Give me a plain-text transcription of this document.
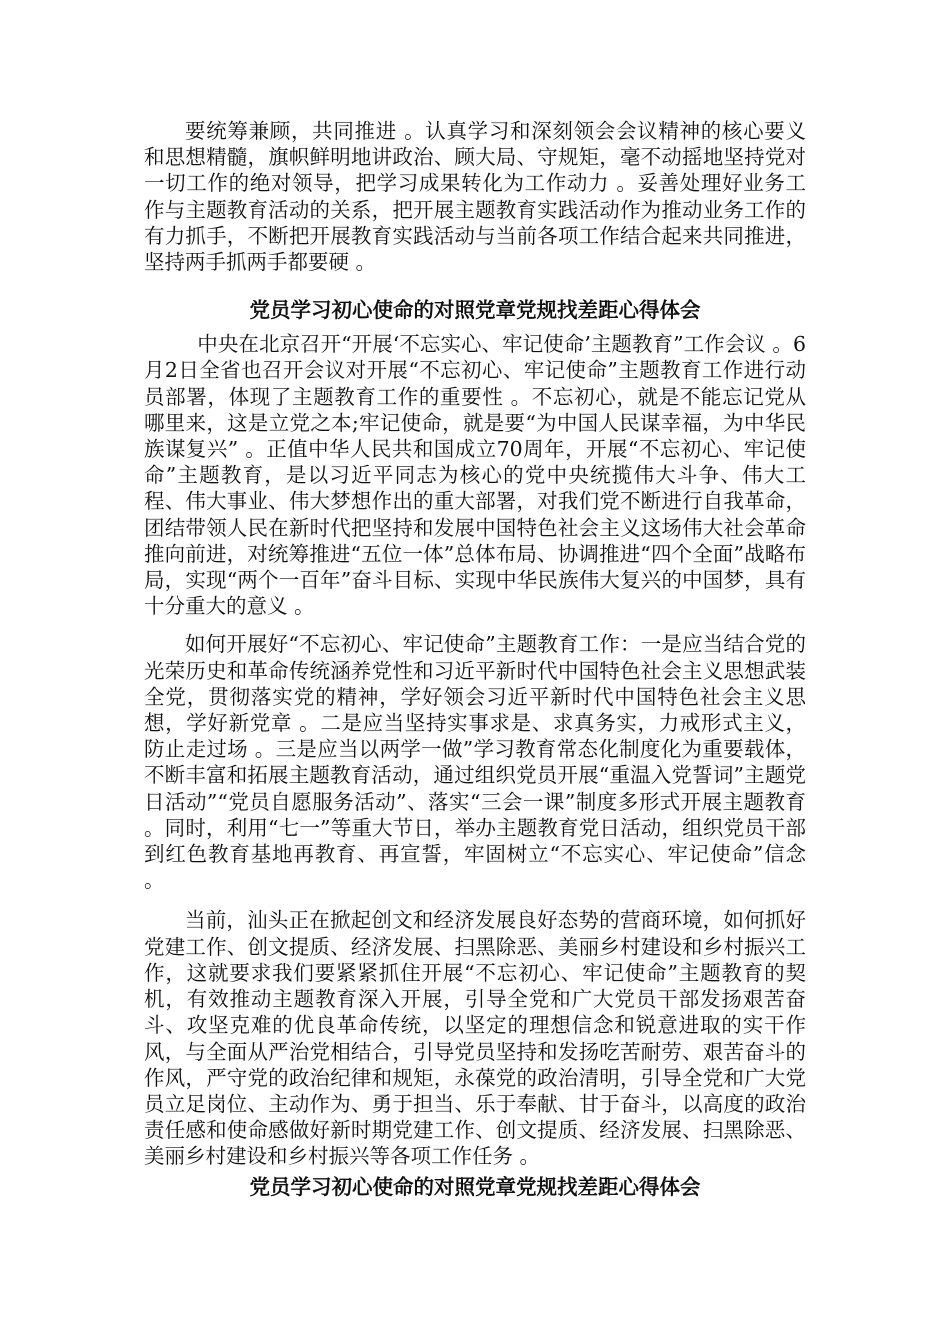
要统筹兼顾，共同推进 。认真学习和深刻领会会议精神的核心要义和思想精髓，旗帜鲜明地讲政治、顾大局、守规矩，毫不动摇地坚持党对一切工作的绝对领导，把学习成果转化为工作动力 。妥善处理好业务工作与主题教育活动的关系，把开展主题教育实践活动作为推动业务工作的有力抓手，不断把开展教育实践活动与当前各项工作结合起来共同推进，坚持两手抓两手都要硬 。

党员学习初心使命的对照党章党规找差距心得体会

中央在北京召开“开展‘不忘实心、牢记使命’主题教育”工作会议 。6月2日全省也召开会议对开展“不忘初心、牢记使命”主题教育工作进行动员部署，体现了主题教育工作的重要性 。不忘初心，就是不能忘记党从哪里来，这是立党之本;牢记使命，就是要“为中国人民谋幸福，为中华民族谋复兴” 。正值中华人民共和国成立70周年，开展“不忘初心、牢记使命”主题教育，是以习近平同志为核心的党中央统揽伟大斗争、伟大工程、伟大事业、伟大梦想作出的重大部署，对我们党不断进行自我革命，团结带领人民在新时代把坚持和发展中国特色社会主义这场伟大社会革命推向前进，对统筹推进“五位一体”总体布局、协调推进“四个全面”战略布局，实现“两个一百年”奋斗目标、实现中华民族伟大复兴的中国梦，具有十分重大的意义 。

如何开展好“不忘初心、牢记使命”主题教育工作：一是应当结合党的光荣历史和革命传统涵养党性和习近平新时代中国特色社会主义思想武装全党，贯彻落实党的精神，学好领会习近平新时代中国特色社会主义思想，学好新党章 。二是应当坚持实事求是、求真务实，力戒形式主义，防止走过场 。三是应当以两学一做”学习教育常态化制度化为重要载体，不断丰富和拓展主题教育活动，通过组织党员开展“重温入党誓词”主题党日活动”“党员自愿服务活动”、落实“三会一课”制度多形式开展主题教育 。同时，利用“七一”等重大节日，举办主题教育党日活动，组织党员干部到红色教育基地再教育、再宣誓，牢固树立“不忘实心、牢记使命”信念 。

当前，汕头正在掀起创文和经济发展良好态势的营商环境，如何抓好党建工作、创文提质、经济发展、扫黑除恶、美丽乡村建设和乡村振兴工作，这就要求我们要紧紧抓住开展“不忘初心、牢记使命”主题教育的契机，有效推动主题教育深入开展，引导全党和广大党员干部发扬艰苦奋斗、攻坚克难的优良革命传统，以坚定的理想信念和锐意进取的实干作风，与全面从严治党相结合，引导党员坚持和发扬吃苦耐劳、艰苦奋斗的作风，严守党的政治纪律和规矩，永葆党的政治清明，引导全党和广大党员立足岗位、主动作为、勇于担当、乐于奉献、甘于奋斗，以高度的政治责任感和使命感做好新时期党建工作、创文提质、经济发展、扫黑除恶、美丽乡村建设和乡村振兴等各项工作任务 。

党员学习初心使命的对照党章党规找差距心得体会
